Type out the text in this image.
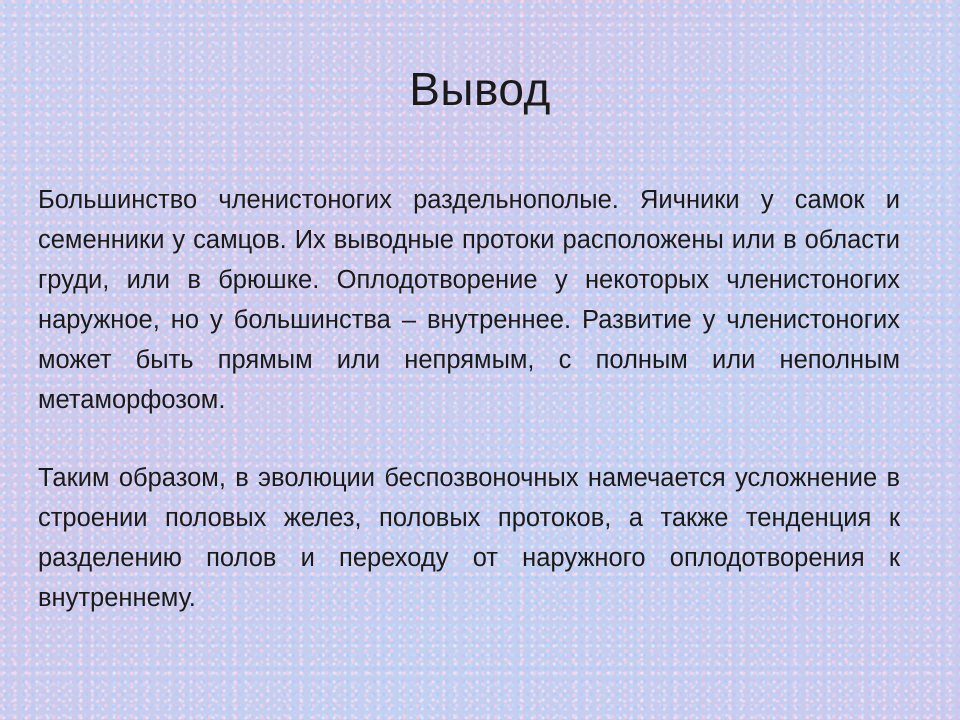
Вывод

Большинство членистоногих раздельнополые. Яичники у самок и семенники у самцов. Их выводные протоки расположены или в области груди, или в брюшке. Оплодотворение у некоторых членистоногих наружное, но у большинства – внутреннее. Развитие у членистоногих может быть прямым или непрямым, с полным или неполным метаморфозом.

Таким образом, в эволюции беспозвоночных намечается усложнение в строении половых желез, половых протоков, а также тенденция к разделению полов и переходу от наружного оплодотворения к внутреннему.
